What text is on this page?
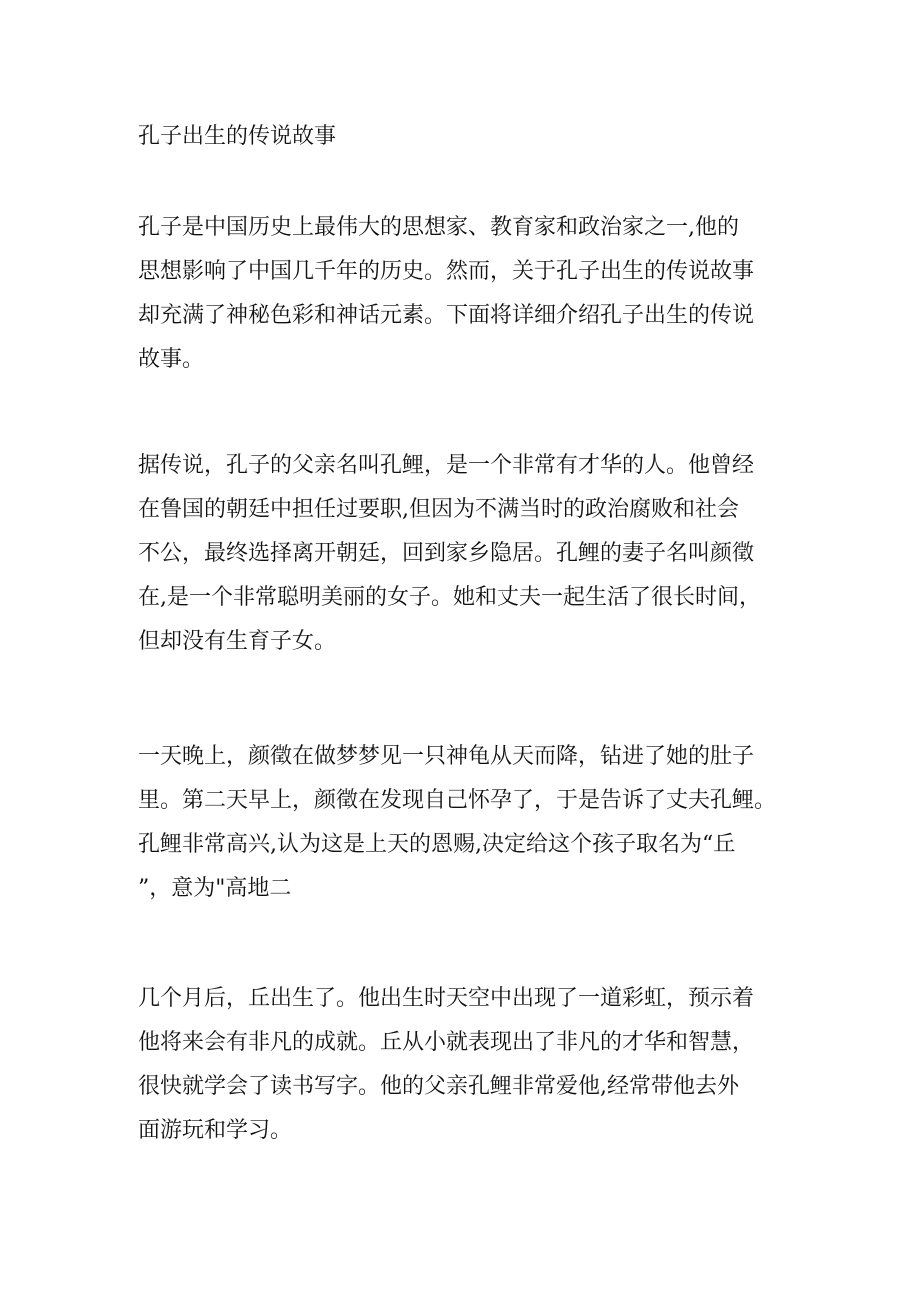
孔子出生的传说故事
孔子是中国历史上最伟大的思想家、教育家和政治家之一,他的
思想影响了中国几千年的历史。然而，关于孔子出生的传说故事
却充满了神秘色彩和神话元素。下面将详细介绍孔子出生的传说
故事。
据传说，孔子的父亲名叫孔鲤，是一个非常有才华的人。他曾经
在鲁国的朝廷中担任过要职,但因为不满当时的政治腐败和社会
不公，最终选择离开朝廷，回到家乡隐居。孔鲤的妻子名叫颜徵
在,是一个非常聪明美丽的女子。她和丈夫一起生活了很长时间，
但却没有生育子女。
一天晚上，颜徵在做梦梦见一只神龟从天而降，钻进了她的肚子
里。第二天早上，颜徵在发现自己怀孕了，于是告诉了丈夫孔鲤。
孔鲤非常高兴,认为这是上天的恩赐,决定给这个孩子取名为“丘
”，意为"高地二
几个月后，丘出生了。他出生时天空中出现了一道彩虹，预示着
他将来会有非凡的成就。丘从小就表现出了非凡的才华和智慧，
很快就学会了读书写字。他的父亲孔鲤非常爱他,经常带他去外
面游玩和学习。
